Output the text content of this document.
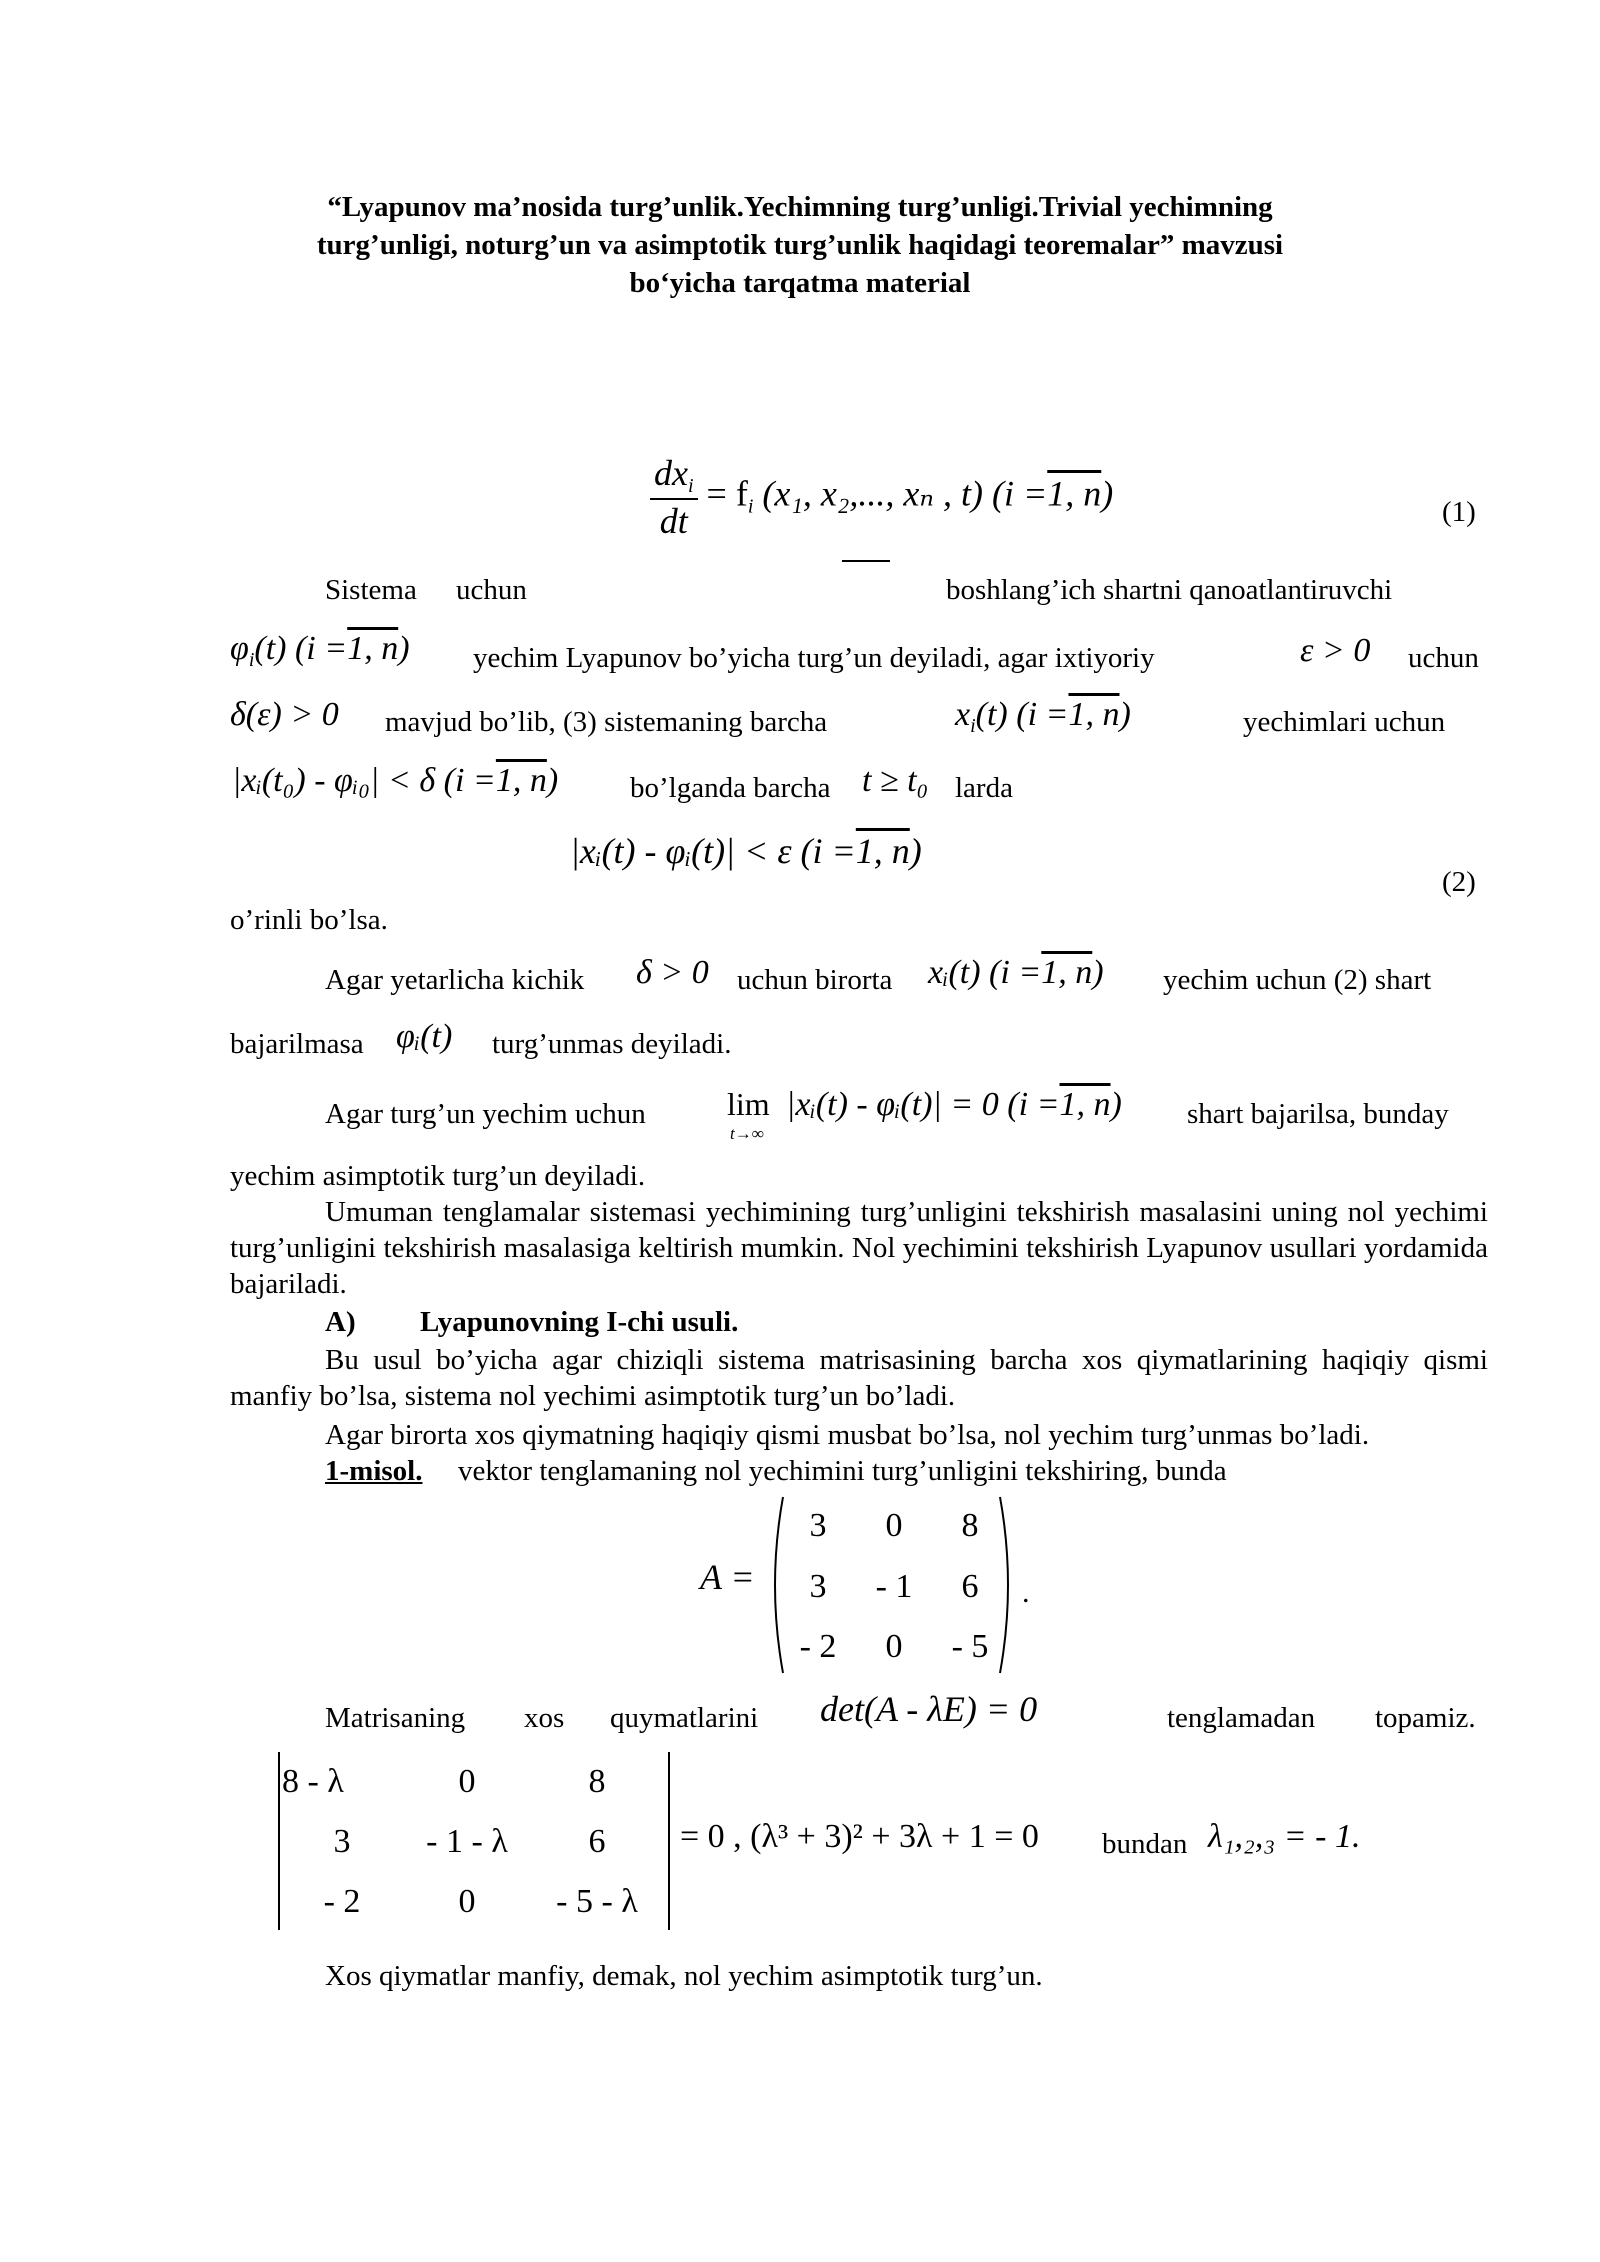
“Lyapunov ma’nosida turg’unlik.Yechimning turg’unligi.Trivial yechimning
turg’unligi, noturg’un va asimptotik turg’unlik haqidagi teoremalar” mavzusi
bo‘yicha tarqatma material
$\frac{dx_i}{dt} = f_i$ (x₁, x₂,..., xₙ , t) (i =1, n)	(1)
Sistema uchun	boshlang’ich shartni qanoatlantiruvchi
$\varphi_i(t)$ (i =1, n) yechim Lyapunov bo’yicha turg’un deyiladi, agar ixtiyoriy	ε > 0 uchun
δ(ε) > 0 mavjud bo’lib, (3) sistemaning barcha	$x_i(t)$ (i =1, n)	yechimlari uchun
|xᵢ(t₀) - φᵢ₀| < δ (i =1, n) bo’lganda barcha t ≥ t₀ larda
|xᵢ(t) - φᵢ(t)| < ε (i =1, n)
(2)
o’rinli bo’lsa.
Agar yetarlicha kichik δ > 0 uchun birorta xᵢ(t) (i =1, n) yechim uchun (2) shart
bajarilmasa φᵢ(t) turg’unmas deyiladi.
Agar turg’un yechim uchun	lim
t→∞
|xᵢ(t) - φᵢ(t)| = 0 (i =1, n) shart bajarilsa, bunday
yechim asimptotik turg’un deyiladi.
Umuman tenglamalar sistemasi yechimining turg’unligini tekshirish masalasini uning nol yechimi turg’unligini tekshirish masalasiga keltirish mumkin. Nol yechimini tekshirish Lyapunov usullari yordamida bajariladi.
A) Lyapunovning I-chi usuli.
Bu usul bo’yicha agar chiziqli sistema matrisasining barcha xos qiymatlarining haqiqiy qismi manfiy bo’lsa, sistema nol yechimi asimptotik turg’un bo’ladi.
Agar birorta xos qiymatning haqiqiy qismi musbat bo’lsa, nol yechim turg’unmas bo’ladi.
1-misol. vektor tenglamaning nol yechimini turg’unligini tekshiring, bunda
A =
3	0	8
3	- 1	6
- 2	0	- 5
.
Matrisaning xos quymatlarini det(A - λE) = 0	tenglamadan topamiz.
8 - λ	0	8
3	- 1 - λ	6
- 2	0	- 5 - λ
= 0 , (λ³ + 3)² + 3λ + 1 = 0 bundan λ₁,₂,₃ = - 1.
Xos qiymatlar manfiy, demak, nol yechim asimptotik turg’un.
